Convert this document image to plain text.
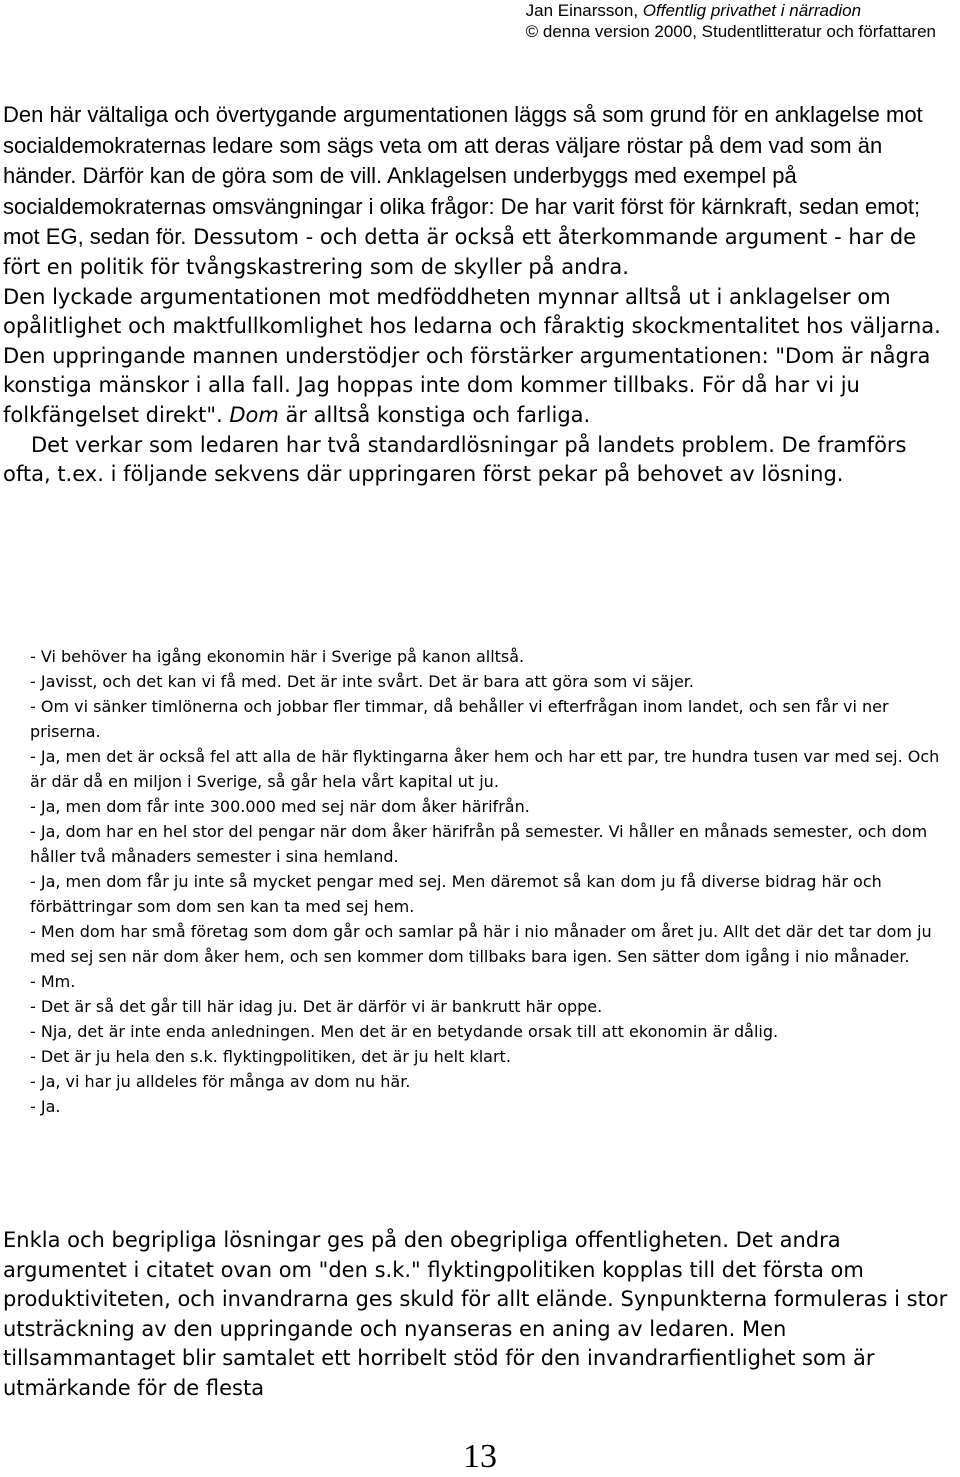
Jan Einarsson, Offentlig privathet i närradion
© denna version 2000, Studentlitteratur och författaren

Den här vältaliga och övertygande argumentationen läggs så som grund för en anklagelse mot socialdemokraternas ledare som sägs veta om att deras väljare röstar på dem vad som än händer. Därför kan de göra som de vill. Anklagelsen underbyggs med exempel på socialdemokraternas omsvängningar i olika frågor: De har varit först för kärnkraft, sedan emot; mot EG, sedan för. Dessutom - och detta är också ett återkommande argument - har de fört en politik för tvångskastrering som de skyller på andra.
Den lyckade argumentationen mot medföddheten mynnar alltså ut i anklagelser om opålitlighet och maktfullkomlighet hos ledarna och fåraktig skockmentalitet hos väljarna. Den uppringande mannen understödjer och förstärker argumentationen: "Dom är några konstiga mänskor i alla fall. Jag hoppas inte dom kommer tillbaks. För då har vi ju folkfängelset direkt". Dom är alltså konstiga och farliga.
Det verkar som ledaren har två standardlösningar på landets problem. De framförs ofta, t.ex. i följande sekvens där uppringaren först pekar på behovet av lösning.

- Vi behöver ha igång ekonomin här i Sverige på kanon alltså.
- Javisst, och det kan vi få med. Det är inte svårt. Det är bara att göra som vi säjer.
- Om vi sänker timlönerna och jobbar fler timmar, då behåller vi efterfrågan inom landet, och sen får vi ner priserna.
- Ja, men det är också fel att alla de här flyktingarna åker hem och har ett par, tre hundra tusen var med sej. Och är där då en miljon i Sverige, så går hela vårt kapital ut ju.
- Ja, men dom får inte 300.000 med sej när dom åker härifrån.
- Ja, dom har en hel stor del pengar när dom åker härifrån på semester. Vi håller en månads semester, och dom håller två månaders semester i sina hemland.
- Ja, men dom får ju inte så mycket pengar med sej. Men däremot så kan dom ju få diverse bidrag här och förbättringar som dom sen kan ta med sej hem.
- Men dom har små företag som dom går och samlar på här i nio månader om året ju. Allt det där det tar dom ju med sej sen när dom åker hem, och sen kommer dom tillbaks bara igen. Sen sätter dom igång i nio månader.
- Mm.
- Det är så det går till här idag ju. Det är därför vi är bankrutt här oppe.
- Nja, det är inte enda anledningen. Men det är en betydande orsak till att ekonomin är dålig.
- Det är ju hela den s.k. flyktingpolitiken, det är ju helt klart.
- Ja, vi har ju alldeles för många av dom nu här.
- Ja.

Enkla och begripliga lösningar ges på den obegripliga offentligheten. Det andra argumentet i citatet ovan om "den s.k." flyktingpolitiken kopplas till det första om produktiviteten, och invandrarna ges skuld för allt elände. Synpunkterna formuleras i stor utsträckning av den uppringande och nyanseras en aning av ledaren. Men tillsammantaget blir samtalet ett horribelt stöd för den invandrarfientlighet som är utmärkande för de flesta

13
